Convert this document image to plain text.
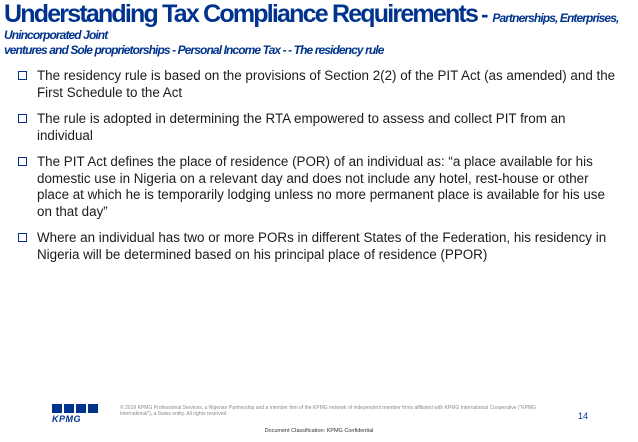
Understanding Tax Compliance Requirements - Partnerships, Enterprises, Unincorporated Joint
ventures and Sole proprietorships - Personal Income Tax - - The residency rule
The residency rule is based on the provisions of Section 2(2) of the PIT Act (as amended) and the First Schedule to the Act
The rule is adopted in determining the RTA empowered to assess and collect PIT from an individual
The PIT Act defines the place of residence (POR) of an individual as: “a place available for his domestic use in Nigeria on a relevant day and does not include any hotel, rest-house or other place at which he is temporarily lodging unless no more permanent place is available for his use on that day”
Where an individual has two or more PORs in different States of the Federation, his residency in Nigeria will be determined based on his principal place of residence (PPOR)
KPMG
© 2019 KPMG Professional Services, a Nigerian Partnership and a member firm of the KPMG network of independent member firms affiliated with KPMG International Cooperative (“KPMG International”), a Swiss entity. All rights reserved.	14
Document Classification: KPMG Confidential
